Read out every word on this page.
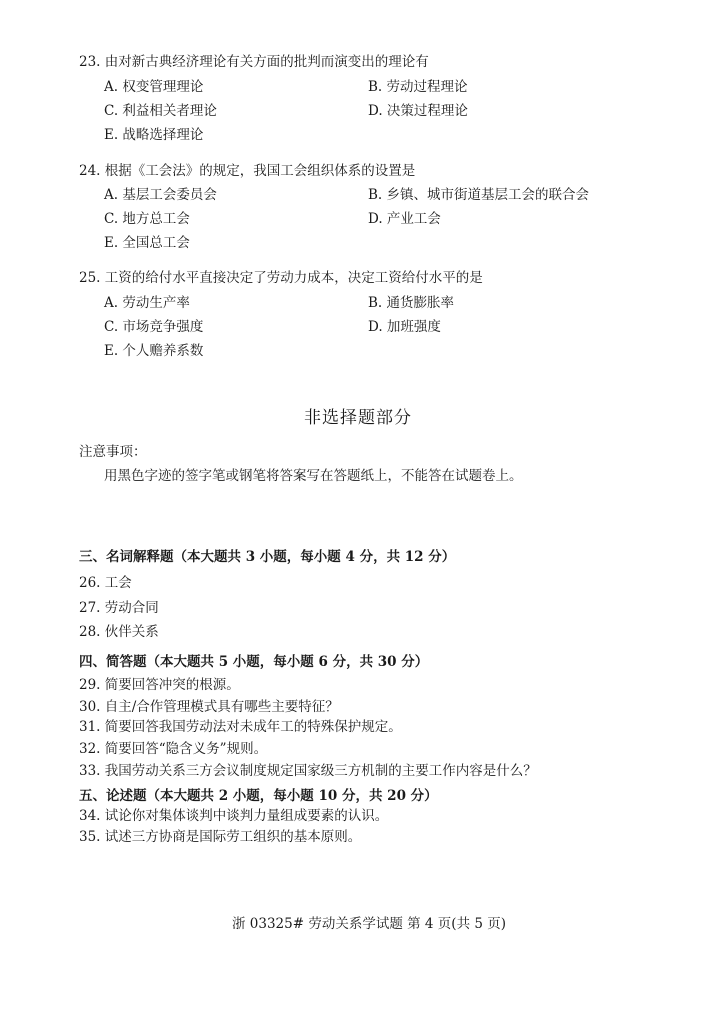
23. 由对新古典经济理论有关方面的批判而演变出的理论有
A. 权变管理理论	B. 劳动过程理论
C. 利益相关者理论	D. 决策过程理论
E. 战略选择理论
24. 根据《工会法》的规定，我国工会组织体系的设置是
A. 基层工会委员会	B. 乡镇、城市街道基层工会的联合会
C. 地方总工会	D. 产业工会
E. 全国总工会
25. 工资的给付水平直接决定了劳动力成本，决定工资给付水平的是
A. 劳动生产率	B. 通货膨胀率
C. 市场竞争强度	D. 加班强度
E. 个人赡养系数
非选择题部分
注意事项：
用黑色字迹的签字笔或钢笔将答案写在答题纸上，不能答在试题卷上。
三、名词解释题（本大题共 3 小题，每小题 4 分，共 12 分）
26. 工会
27. 劳动合同
28. 伙伴关系
四、简答题（本大题共 5 小题，每小题 6 分，共 30 分）
29. 简要回答冲突的根源。
30. 自主/合作管理模式具有哪些主要特征？
31. 简要回答我国劳动法对未成年工的特殊保护规定。
32. 简要回答“隐含义务”规则。
33. 我国劳动关系三方会议制度规定国家级三方机制的主要工作内容是什么？
五、论述题（本大题共 2 小题，每小题 10 分，共 20 分）
34. 试论你对集体谈判中谈判力量组成要素的认识。
35. 试述三方协商是国际劳工组织的基本原则。
浙 03325# 劳动关系学试题 第 4 页(共 5 页)
